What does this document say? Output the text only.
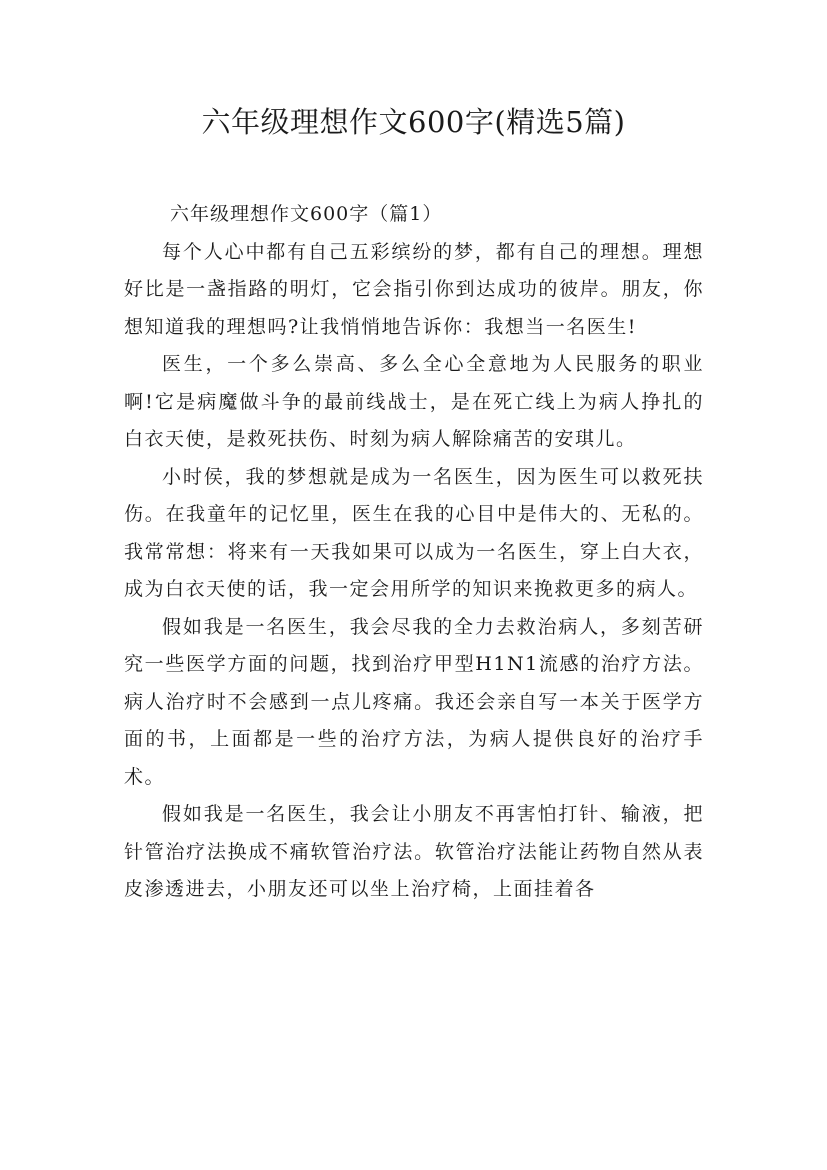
六年级理想作文600字(精选5篇)

六年级理想作文600字（篇1）

每个人心中都有自己五彩缤纷的梦，都有自己的理想。理想好比是一盏指路的明灯，它会指引你到达成功的彼岸。朋友，你想知道我的理想吗?让我悄悄地告诉你：我想当一名医生!

医生，一个多么崇高、多么全心全意地为人民服务的职业啊!它是病魔做斗争的最前线战士，是在死亡线上为病人挣扎的白衣天使，是救死扶伤、时刻为病人解除痛苦的安琪儿。

小时侯，我的梦想就是成为一名医生，因为医生可以救死扶伤。在我童年的记忆里，医生在我的心目中是伟大的、无私的。我常常想：将来有一天我如果可以成为一名医生，穿上白大衣，成为白衣天使的话，我一定会用所学的知识来挽救更多的病人。

假如我是一名医生，我会尽我的全力去救治病人，多刻苦研究一些医学方面的问题，找到治疗甲型H1N1流感的治疗方法。病人治疗时不会感到一点儿疼痛。我还会亲自写一本关于医学方面的书，上面都是一些的治疗方法，为病人提供良好的治疗手术。

假如我是一名医生，我会让小朋友不再害怕打针、输液，把针管治疗法换成不痛软管治疗法。软管治疗法能让药物自然从表皮渗透进去，小朋友还可以坐上治疗椅，上面挂着各
